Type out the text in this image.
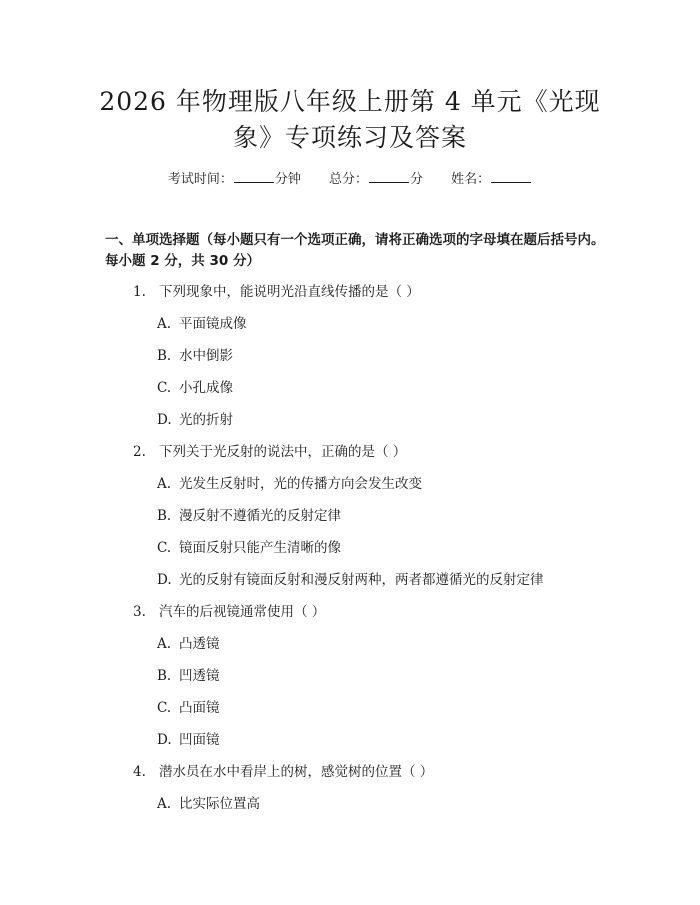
2026 年物理版八年级上册第 4 单元《光现
象》专项练习及答案
考试时间：	分钟 总分：	分 姓名：
一、单项选择题（每小题只有一个选项正确，请将正确选项的字母填在题后括号内。每小题 2 分，共 30 分）
1. 下列现象中，能说明光沿直线传播的是（ ）
A. 平面镜成像
B. 水中倒影
C. 小孔成像
D. 光的折射
2. 下列关于光反射的说法中，正确的是（ ）
A. 光发生反射时，光的传播方向会发生改变
B. 漫反射不遵循光的反射定律
C. 镜面反射只能产生清晰的像
D. 光的反射有镜面反射和漫反射两种，两者都遵循光的反射定律
3. 汽车的后视镜通常使用（ ）
A. 凸透镜
B. 凹透镜
C. 凸面镜
D. 凹面镜
4. 潜水员在水中看岸上的树，感觉树的位置（ ）
A. 比实际位置高
